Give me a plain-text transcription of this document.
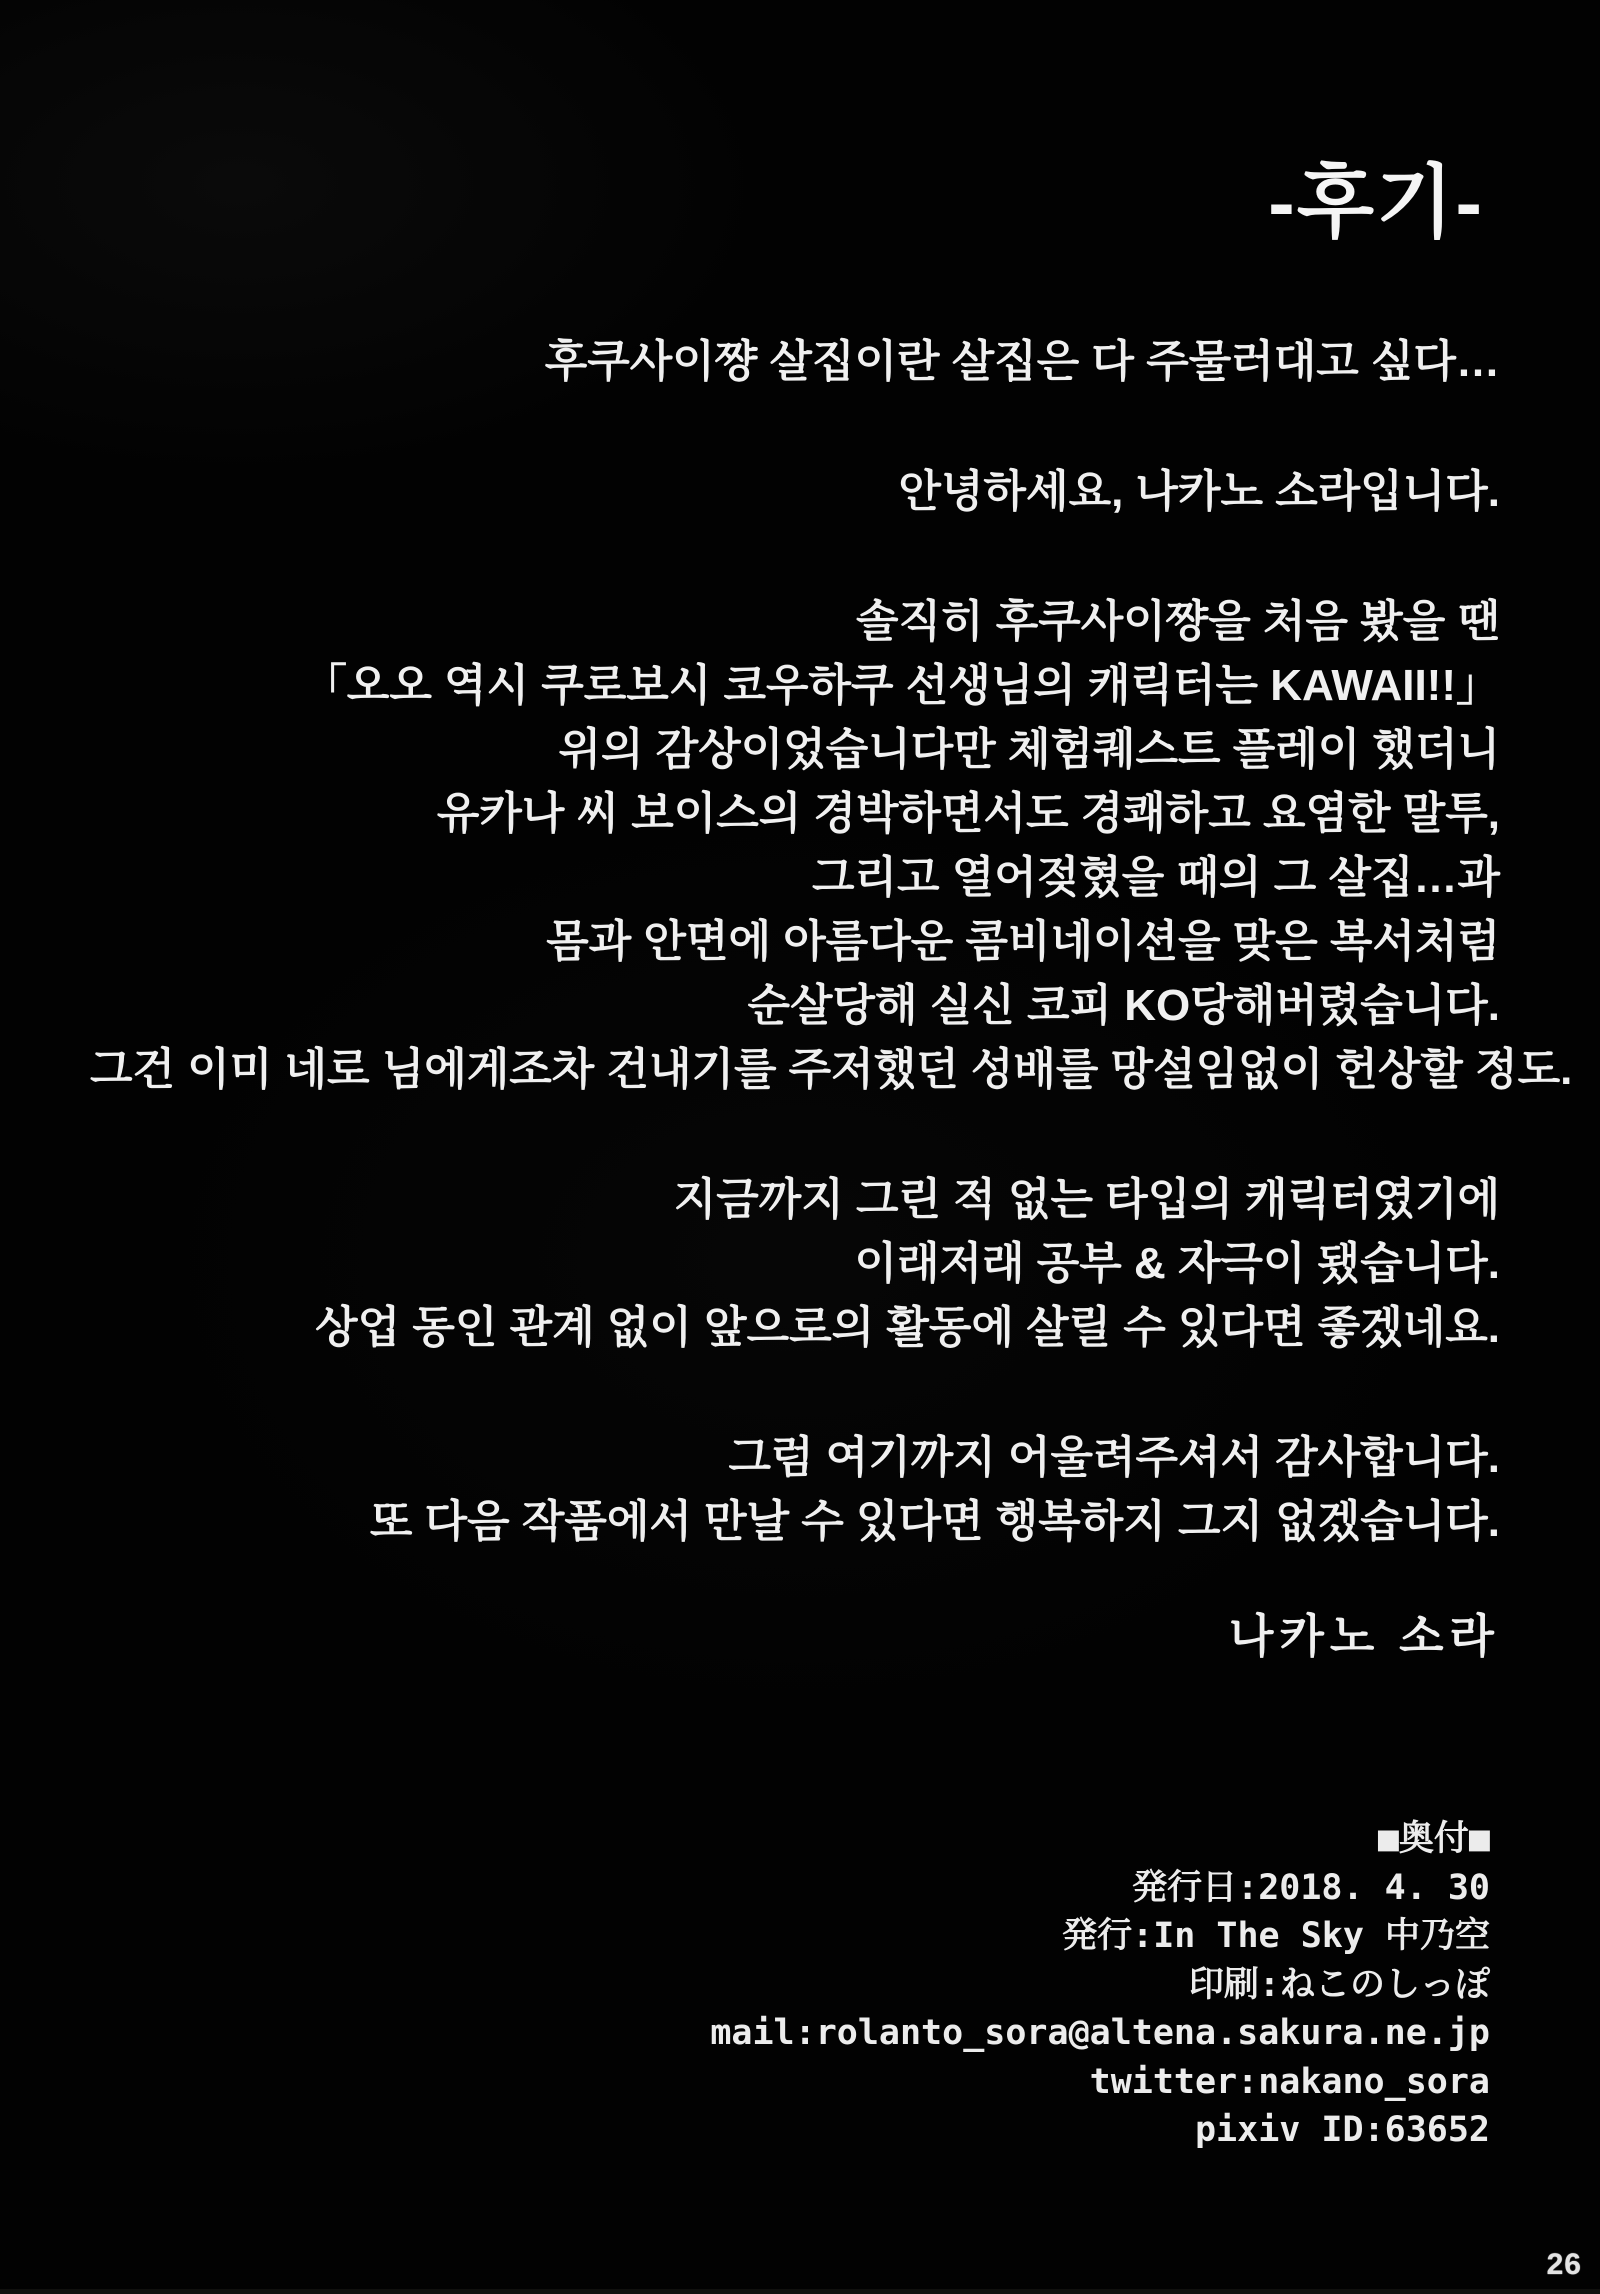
-후기-

후쿠사이쨩 살집이란 살집은 다 주물러대고 싶다…

안녕하세요, 나카노 소라입니다.

솔직히 후쿠사이쨩을 처음 봤을 땐
「오오 역시 쿠로보시 코우하쿠 선생님의 캐릭터는 KAWAII!!」
위의 감상이었습니다만 체험퀘스트 플레이 했더니
유카나 씨 보이스의 경박하면서도 경쾌하고 요염한 말투,
그리고 열어젖혔을 때의 그 살집…과
몸과 안면에 아름다운 콤비네이션을 맞은 복서처럼
순살당해 실신 코피 KO당해버렸습니다.
그건 이미 네로 님에게조차 건내기를 주저했던 성배를 망설임없이 헌상할 정도.

지금까지 그린 적 없는 타입의 캐릭터였기에
이래저래 공부 & 자극이 됐습니다.
상업 동인 관계 없이 앞으로의 활동에 살릴 수 있다면 좋겠네요.

그럼 여기까지 어울려주셔서 감사합니다.
또 다음 작품에서 만날 수 있다면 행복하지 그지 없겠습니다.

나카노 소라
■奥付■
発行日:2018. 4. 30
発行:In The Sky 中乃空
印刷:ねこのしっぽ
mail:rolanto_sora@altena.sakura.ne.jp
twitter:nakano_sora
pixiv ID:63652
26
